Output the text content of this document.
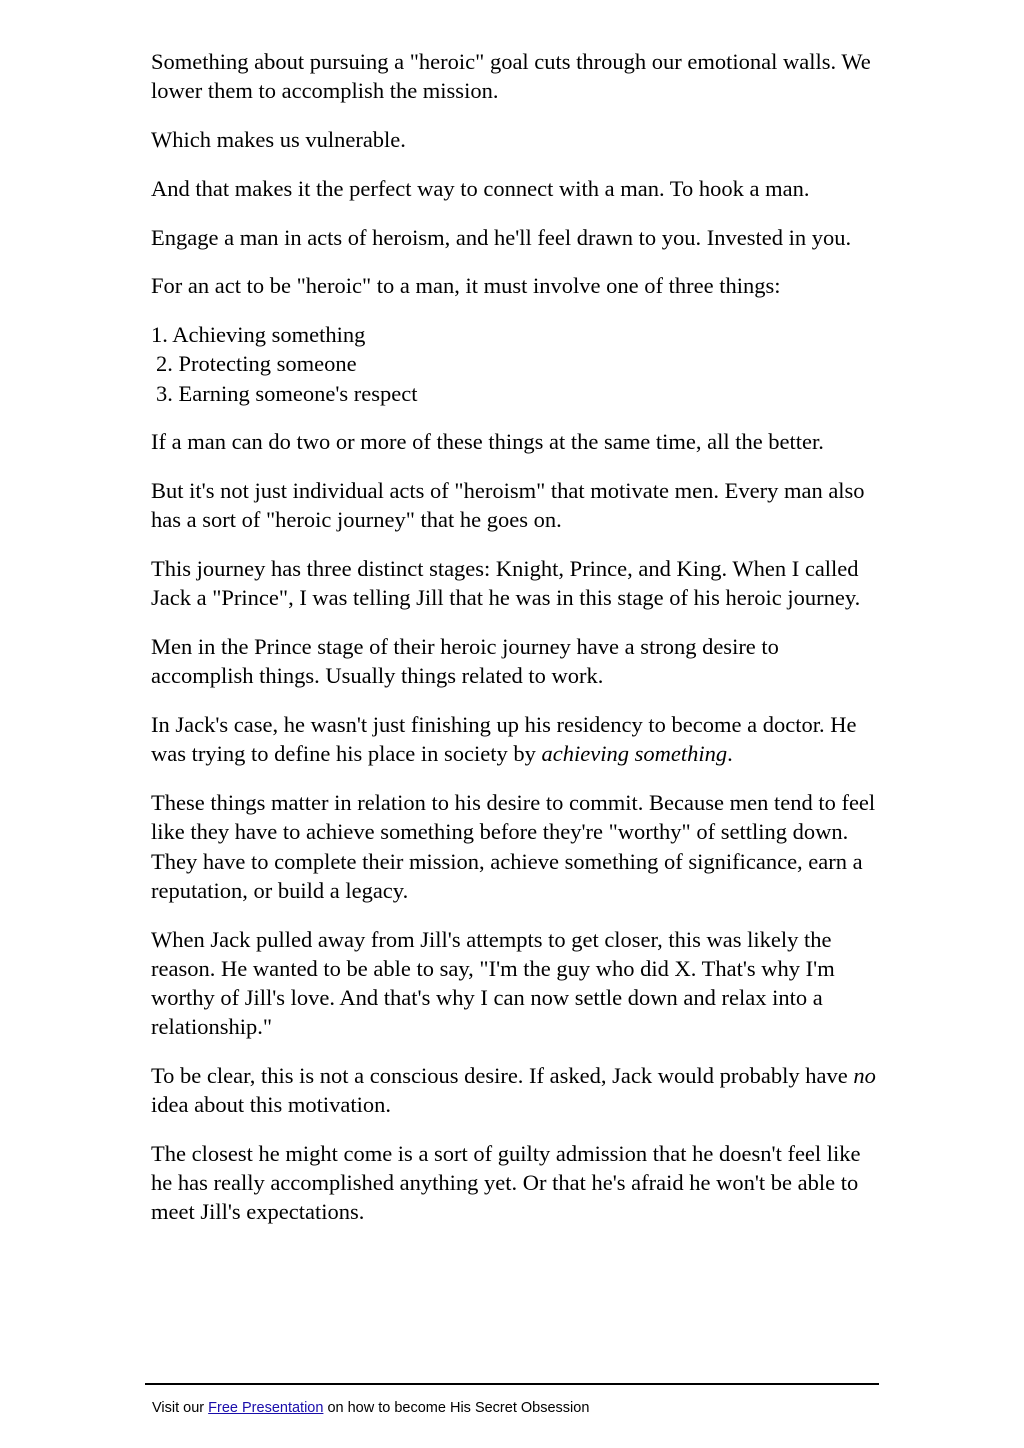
Something about pursuing a "heroic" goal cuts through our emotional walls. We lower them to accomplish the mission.

Which makes us vulnerable.

And that makes it the perfect way to connect with a man. To hook a man.

Engage a man in acts of heroism, and he'll feel drawn to you. Invested in you.

For an act to be "heroic" to a man, it must involve one of three things:

1. Achieving something
2. Protecting someone
3. Earning someone's respect

If a man can do two or more of these things at the same time, all the better.

But it's not just individual acts of "heroism" that motivate men. Every man also has a sort of "heroic journey" that he goes on.

This journey has three distinct stages: Knight, Prince, and King. When I called Jack a "Prince", I was telling Jill that he was in this stage of his heroic journey.

Men in the Prince stage of their heroic journey have a strong desire to accomplish things. Usually things related to work.

In Jack's case, he wasn't just finishing up his residency to become a doctor. He was trying to define his place in society by achieving something.

These things matter in relation to his desire to commit. Because men tend to feel like they have to achieve something before they're "worthy" of settling down. They have to complete their mission, achieve something of significance, earn a reputation, or build a legacy.

When Jack pulled away from Jill's attempts to get closer, this was likely the reason. He wanted to be able to say, "I'm the guy who did X. That's why I'm worthy of Jill's love. And that's why I can now settle down and relax into a relationship."

To be clear, this is not a conscious desire. If asked, Jack would probably have no idea about this motivation.

The closest he might come is a sort of guilty admission that he doesn't feel like he has really accomplished anything yet. Or that he's afraid he won't be able to meet Jill's expectations.

Visit our Free Presentation on how to become His Secret Obsession
